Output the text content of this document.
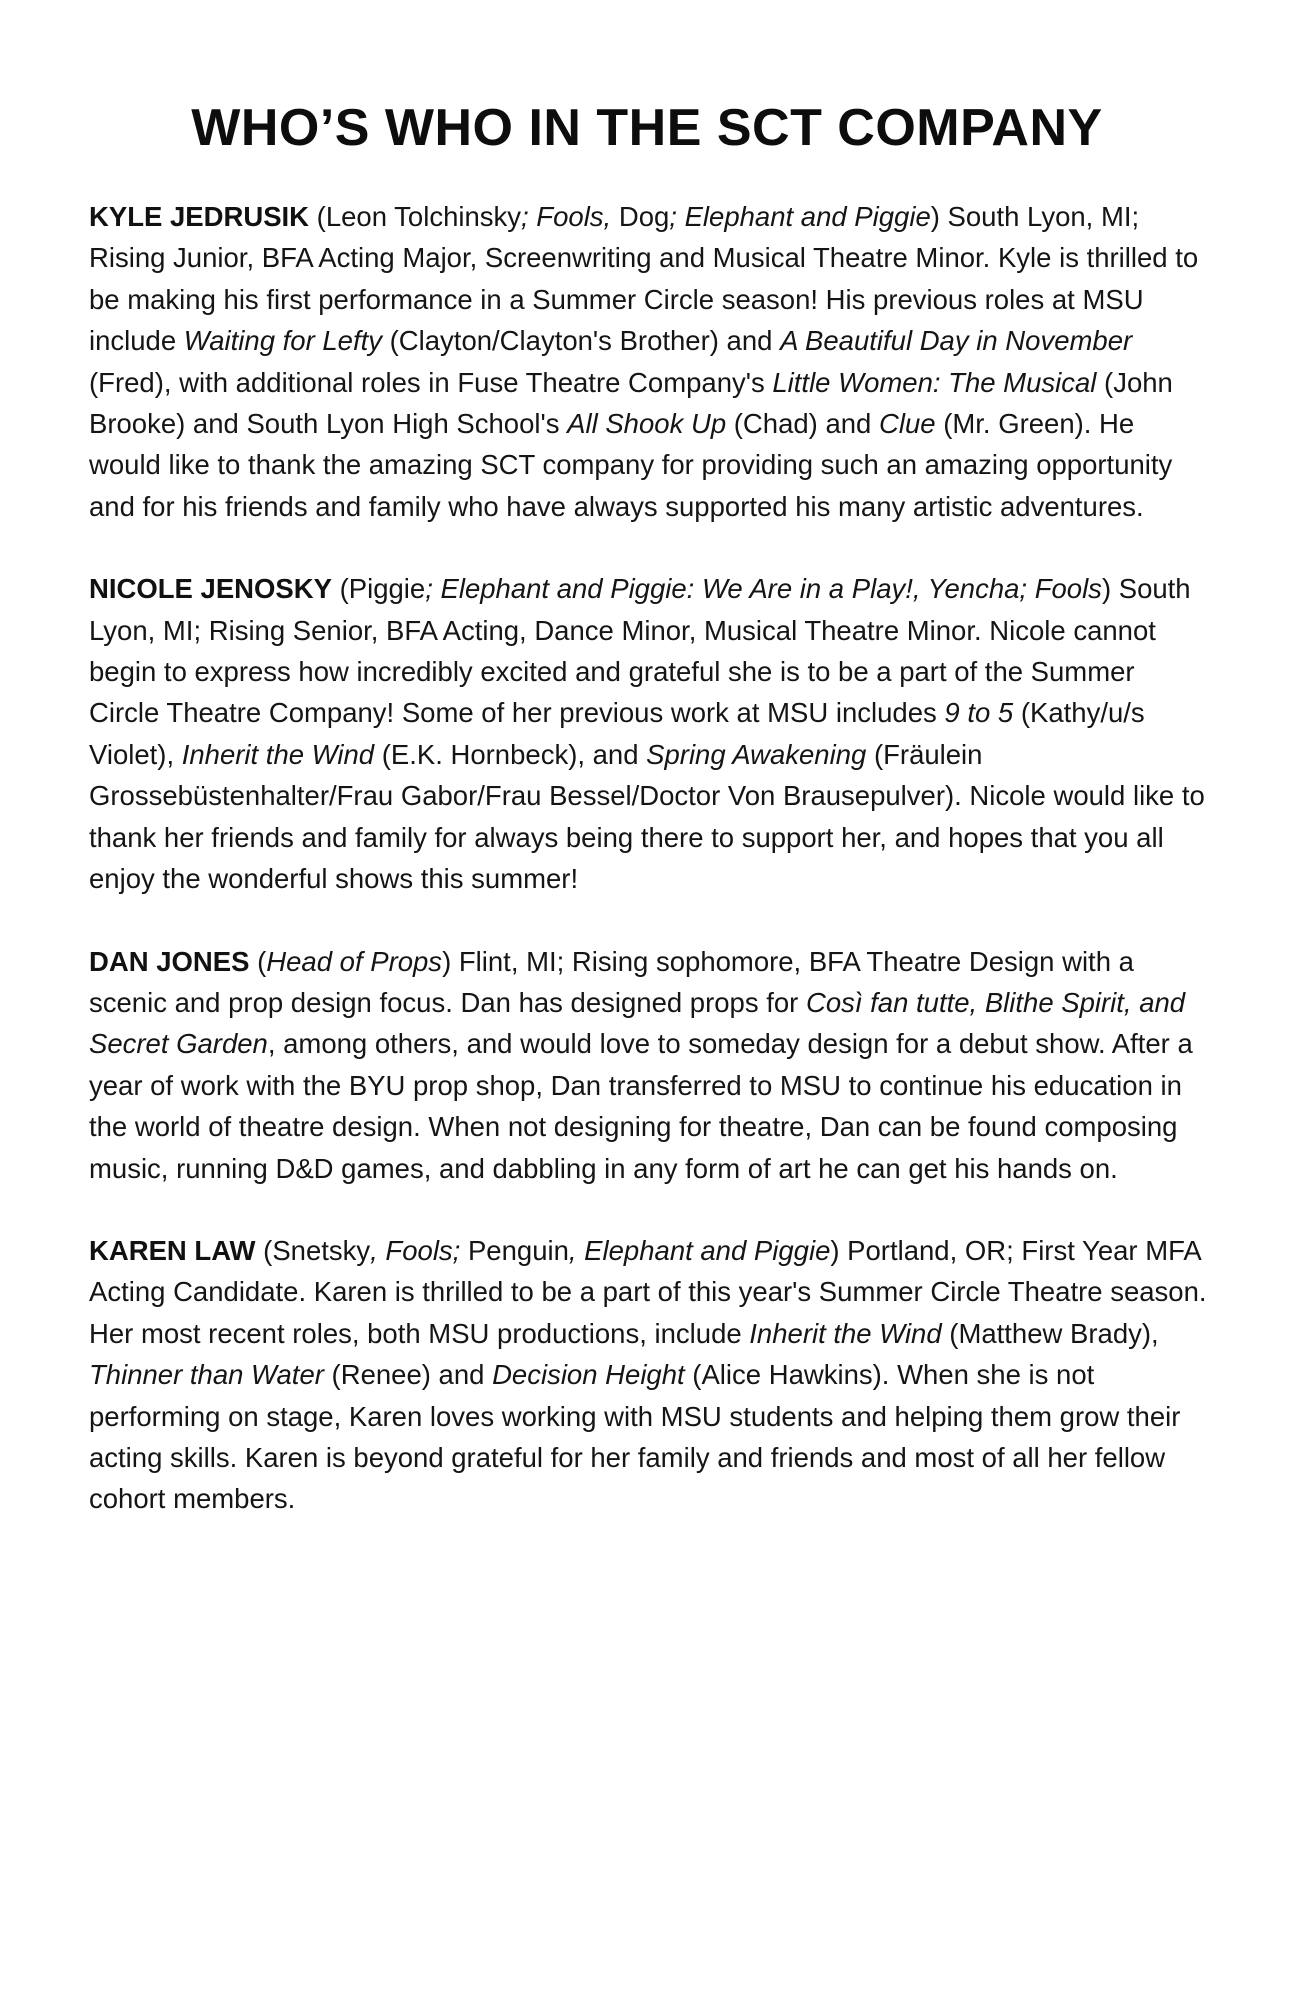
WHO’S WHO IN THE SCT COMPANY

KYLE JEDRUSIK (Leon Tolchinsky; Fools, Dog; Elephant and Piggie) South Lyon, MI; Rising Junior, BFA Acting Major, Screenwriting and Musical Theatre Minor. Kyle is thrilled to be making his first performance in a Summer Circle season! His previous roles at MSU include Waiting for Lefty (Clayton/Clayton's Brother) and A Beautiful Day in November (Fred), with additional roles in Fuse Theatre Company's Little Women: The Musical (John Brooke) and South Lyon High School's All Shook Up (Chad) and Clue (Mr. Green). He would like to thank the amazing SCT company for providing such an amazing opportunity and for his friends and family who have always supported his many artistic adventures.

NICOLE JENOSKY (Piggie; Elephant and Piggie: We Are in a Play!, Yencha; Fools) South Lyon, MI; Rising Senior, BFA Acting, Dance Minor, Musical Theatre Minor. Nicole cannot begin to express how incredibly excited and grateful she is to be a part of the Summer Circle Theatre Company! Some of her previous work at MSU includes 9 to 5 (Kathy/u/s Violet), Inherit the Wind (E.K. Hornbeck), and Spring Awakening (Fräulein Grossebüstenhalter/Frau Gabor/Frau Bessel/Doctor Von Brausepulver). Nicole would like to thank her friends and family for always being there to support her, and hopes that you all enjoy the wonderful shows this summer!

DAN JONES (Head of Props) Flint, MI; Rising sophomore, BFA Theatre Design with a scenic and prop design focus. Dan has designed props for Così fan tutte, Blithe Spirit, and Secret Garden, among others, and would love to someday design for a debut show. After a year of work with the BYU prop shop, Dan transferred to MSU to continue his education in the world of theatre design. When not designing for theatre, Dan can be found composing music, running D&D games, and dabbling in any form of art he can get his hands on.

KAREN LAW (Snetsky, Fools; Penguin, Elephant and Piggie) Portland, OR; First Year MFA Acting Candidate. Karen is thrilled to be a part of this year's Summer Circle Theatre season. Her most recent roles, both MSU productions, include Inherit the Wind (Matthew Brady), Thinner than Water (Renee) and Decision Height (Alice Hawkins). When she is not performing on stage, Karen loves working with MSU students and helping them grow their acting skills. Karen is beyond grateful for her family and friends and most of all her fellow cohort members.
